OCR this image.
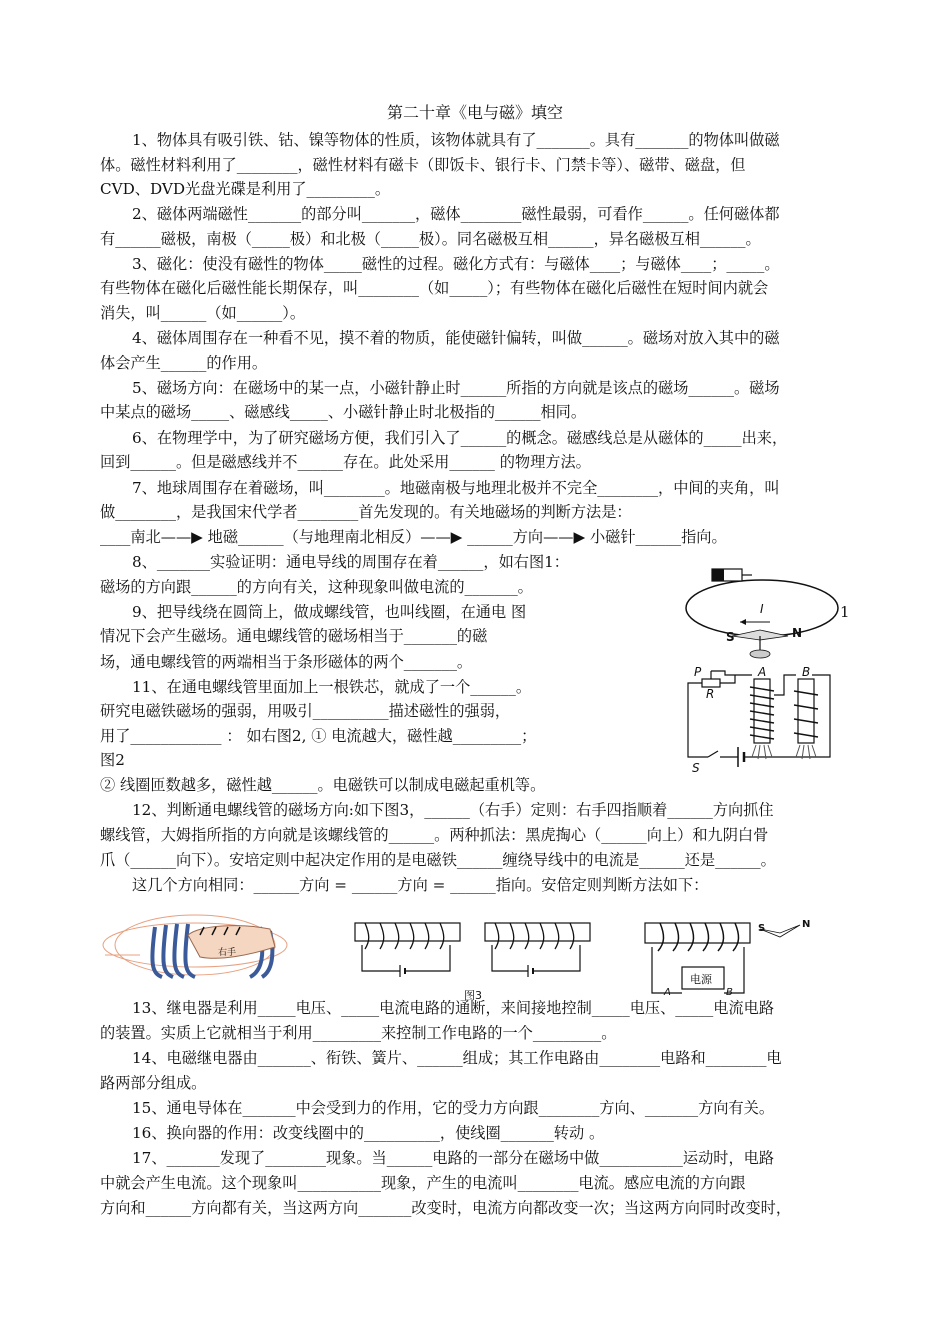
第二十章《电与磁》填空
1、物体具有吸引铁、钴、镍等物体的性质，该物体就具有了_______。具有_______的物体叫做磁
体。磁性材料利用了________，磁性材料有磁卡（即饭卡、银行卡、门禁卡等）、磁带、磁盘，但
CVD、DVD光盘光碟是利用了_________。
2、磁体两端磁性_______的部分叫_______，磁体________磁性最弱，可看作______。任何磁体都
有______磁极，南极（_____极）和北极（_____极）。同名磁极互相______，异名磁极互相______。
3、磁化：使没有磁性的物体_____磁性的过程。磁化方式有：与磁体____；与磁体____；_____。
有些物体在磁化后磁性能长期保存，叫________（如_____）；有些物体在磁化后磁性在短时间内就会
消失，叫______（如______）。
4、磁体周围存在一种看不见，摸不着的物质，能使磁针偏转，叫做______。磁场对放入其中的磁
体会产生______的作用。
5、磁场方向：在磁场中的某一点，小磁针静止时______所指的方向就是该点的磁场______。磁场
中某点的磁场_____、磁感线_____、小磁针静止时北极指的______相同。
6、在物理学中，为了研究磁场方便，我们引入了______的概念。磁感线总是从磁体的_____出来，
回到______。但是磁感线并不______存在。此处采用______ 的物理方法。
7、地球周围存在着磁场，叫________。地磁南极与地理北极并不完全________，中间的夹角，叫
做________，是我国宋代学者________首先发现的。有关地磁场的判断方法是：
____南北——▶ 地磁______（与地理南北相反）——▶ ______方向——▶ 小磁针______指向。
8、_______实验证明：通电导线的周围存在着______，如右图1：
磁场的方向跟______的方向有关，这种现象叫做电流的_______。
9、把导线绕在圆筒上，做成螺线管，也叫线圈，在通电 图
情况下会产生磁场。通电螺线管的磁场相当于_______的磁
场，通电螺线管的两端相当于条形磁体的两个_______。
11、在通电螺线管里面加上一根铁芯，就成了一个______。
研究电磁铁磁场的强弱，用吸引__________描述磁性的强弱，
用了____________ ： 如右图2, ① 电流越大，磁性越_________；
图2
② 线圈匝数越多，磁性越______。电磁铁可以制成电磁起重机等。
12、判断通电螺线管的磁场方向:如下图3，______（右手）定则：右手四指顺着______方向抓住
螺线管，大姆指所指的方向就是该螺线管的______。两种抓法：黑虎掏心（______向上）和九阴白骨
爪（______向下）。安培定则中起决定作用的是电磁铁______缠绕导线中的电流是______还是______。
这几个方向相同：______方向 = ______方向 = ______指向。安倍定则判断方法如下：
13、继电器是利用_____电压、_____电流电路的通断，来间接地控制_____电压、_____电流电路
的装置。实质上它就相当于利用_________来控制工作电路的一个_________。
14、电磁继电器由_______、衔铁、簧片、______组成；其工作电路由________电路和________电
路两部分组成。
15、通电导体在_______中会受到力的作用，它的受力方向跟________方向、_______方向有关。
16、换向器的作用：改变线圈中的__________，使线圈_______转动 。
17、_______发现了________现象。当______电路的一部分在磁场中做___________运动时，电路
中就会产生电流。这个现象叫___________现象，产生的电流叫________电流。感应电流的方向跟
方向和______方向都有关，当这两方向_______改变时，电流方向都改变一次；当这两方向同时改变时，
I
S	N
1
P
R
A	B
S
右手
电源
A	B
S	N
图3
